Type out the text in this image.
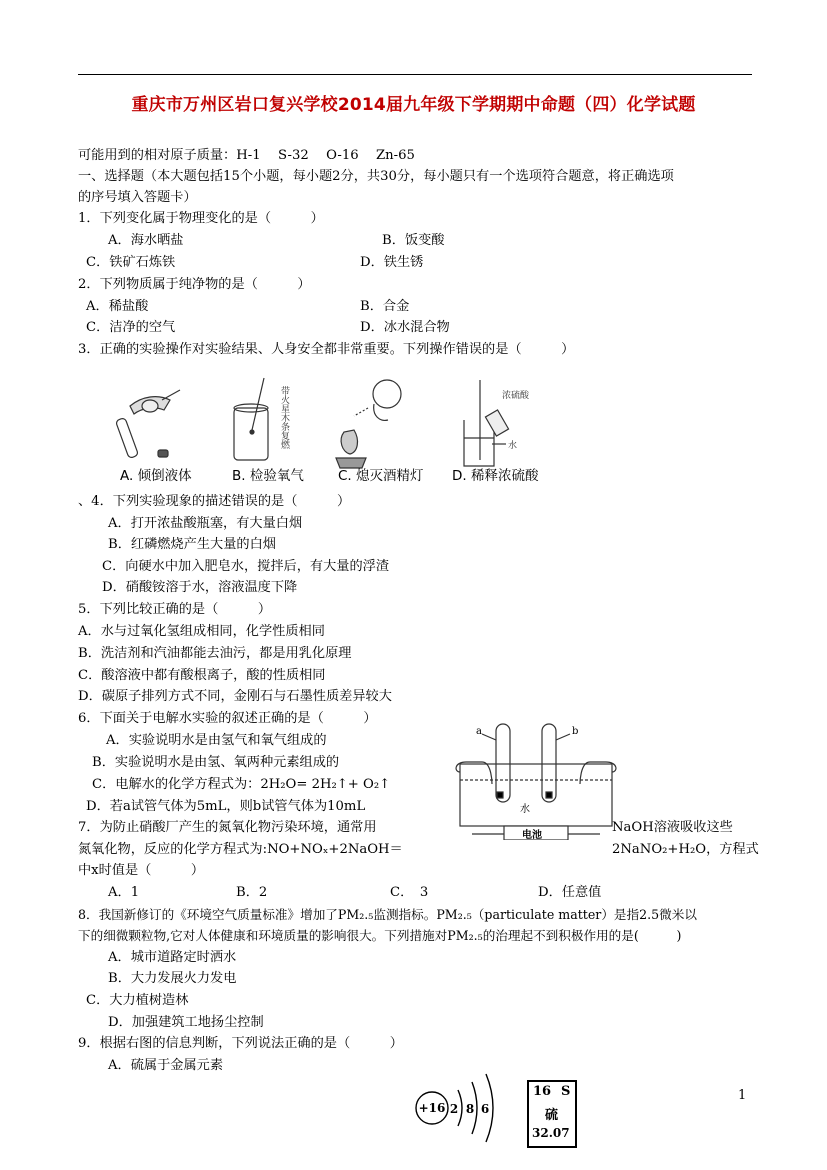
重庆市万州区岩口复兴学校2014届九年级下学期期中命题（四）化学试题
可能用到的相对原子质量：H-1　 S-32　 O-16　 Zn-65
一、选择题（本大题包括15个小题，每小题2分，共30分，每小题只有一个选项符合题意，将正确选项
的序号填入答题卡）
1．下列变化属于物理变化的是（　　　）
A．海水晒盐	B．饭变酸
C．铁矿石炼铁	D．铁生锈
2．下列物质属于纯净物的是（　　　）
A．稀盐酸	B．合金
C．洁净的空气	D．冰水混合物
3．正确的实验操作对实验结果、人身安全都非常重要。下列操作错误的是（　　　）
带火星木条复燃	浓硫酸
水
A. 倾倒液体	B. 检验氧气	C. 熄灭酒精灯 D. 稀释浓硫酸
、4．下列实验现象的描述错误的是（　　　）
A．打开浓盐酸瓶塞，有大量白烟
B．红磷燃烧产生大量的白烟
C．向硬水中加入肥皂水，搅拌后，有大量的浮渣
D．硝酸铵溶于水，溶液温度下降
5．下列比较正确的是（　　　）
A．水与过氧化氢组成相同，化学性质相同
B．洗洁剂和汽油都能去油污，都是用乳化原理
C．酸溶液中都有酸根离子，酸的性质相同
D．碳原子排列方式不同，金刚石与石墨性质差异较大
6．下面关于电解水实验的叙述正确的是（　　　）
A．实验说明水是由氢气和氧气组成的
B．实验说明水是由氢、氧两种元素组成的
C．电解水的化学方程式为：2H₂O= 2H₂↑+ O₂↑
D．若a试管气体为5mL，则b试管气体为10mL
a	b
水
电池
7．为防止硝酸厂产生的氮氧化物污染环境，通常用	NaOH溶液吸收这些
氮氧化物，反应的化学方程式为:NO+NOₓ+2NaOH＝	2NaNO₂+H₂O，方程式
中x时值是（　　　）
A．1	B．2	C．　3	D．任意值
8．我国新修订的《环境空气质量标准》增加了PM₂.₅监测指标。PM₂.₅（particulate matter）是指2.5微米以
下的细微颗粒物,它对人体健康和环境质量的影响很大。下列措施对PM₂.₅的治理起不到积极作用的是(　　　)
A．城市道路定时洒水
B．大力发展火力发电
C．大力植树造林
D．加强建筑工地扬尘控制
9．根据右图的信息判断，下列说法正确的是（　　　）
A．硫属于金属元素
+16 2 8 6
16 S
硫
32.07
1
